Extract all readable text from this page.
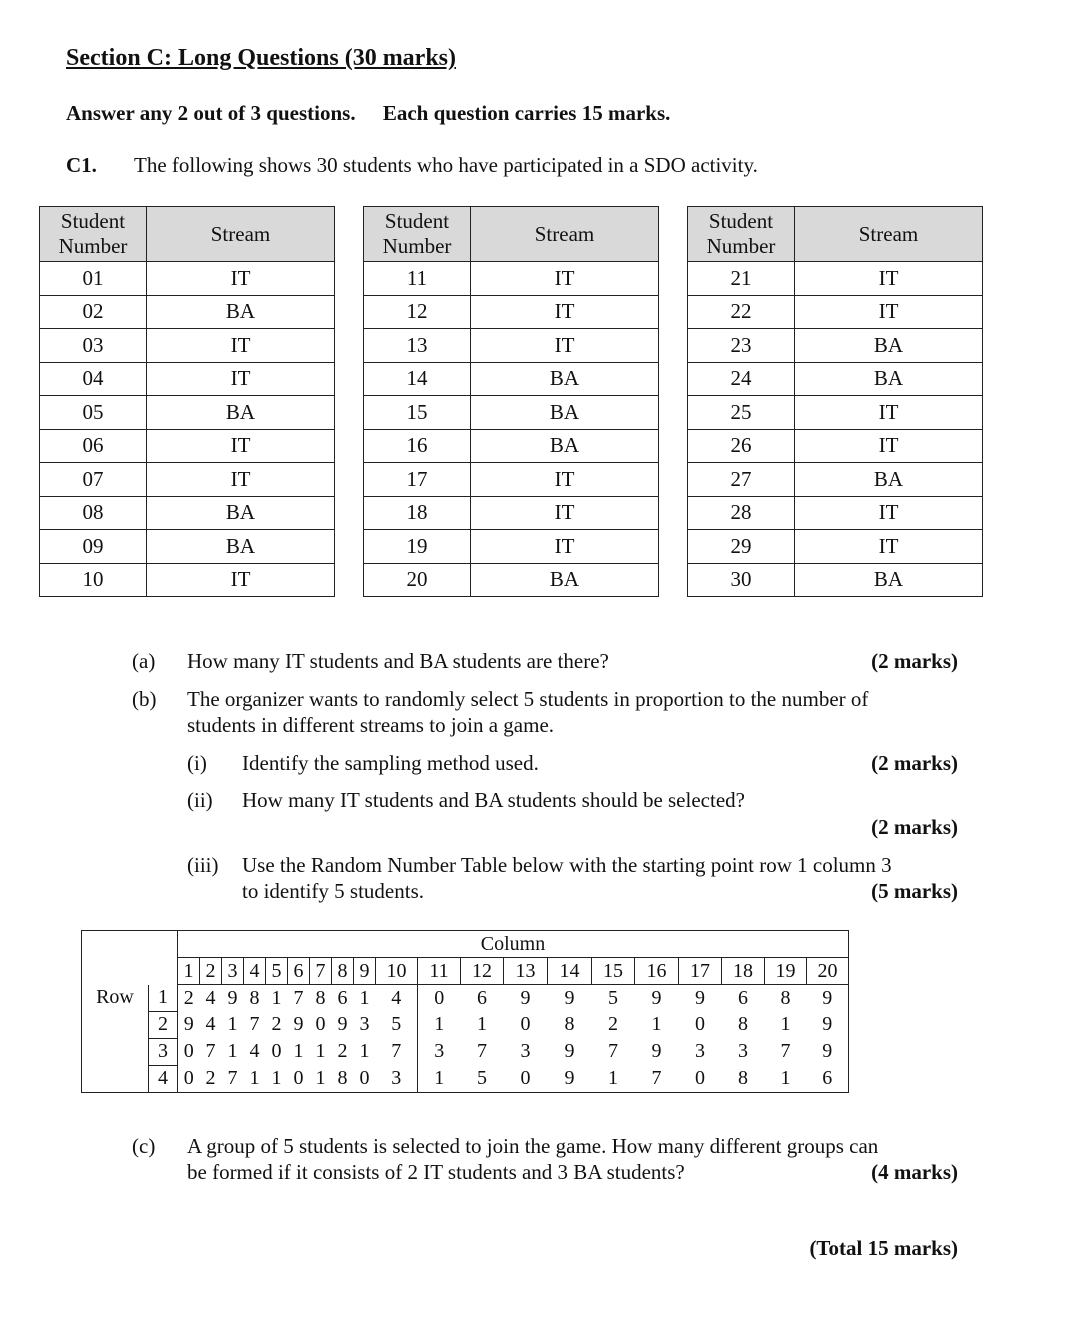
Section C: Long Questions (30 marks)
Answer any 2 out of 3 questions. Each question carries 15 marks.
C1. The following shows 30 students who have participated in a SDO activity.
Student Number	Stream
01	IT
02	BA
03	IT
04	IT
05	BA
06	IT
07	IT
08	BA
09	BA
10	IT
Student Number	Stream
11	IT
12	IT
13	IT
14	BA
15	BA
16	BA
17	IT
18	IT
19	IT
20	BA
Student Number	Stream
21	IT
22	IT
23	BA
24	BA
25	IT
26	IT
27	BA
28	IT
29	IT
30	BA
(a) How many IT students and BA students are there?	(2 marks)
(b) The organizer wants to randomly select 5 students in proportion to the number of
students in different streams to join a game.
(i) Identify the sampling method used.	(2 marks)
(ii) How many IT students and BA students should be selected?
(2 marks)
(iii) Use the Random Number Table below with the starting point row 1 column 3
to identify 5 students.	(5 marks)
		Column																			
		1	2	3	4	5	6	7	8	9	10	11	12	13	14	15	16	17	18	19	20
Row	1	2	4	9	8	1	7	8	6	1	4	0	6	9	9	5	9	9	6	8	9
	2	9	4	1	7	2	9	0	9	3	5	1	1	0	8	2	1	0	8	1	9
	3	0	7	1	4	0	1	1	2	1	7	3	7	3	9	7	9	3	3	7	9
	4	0	2	7	1	1	0	1	8	0	3	1	5	0	9	1	7	0	8	1	6
(c) A group of 5 students is selected to join the game. How many different groups can
be formed if it consists of 2 IT students and 3 BA students?	(4 marks)
(Total 15 marks)
